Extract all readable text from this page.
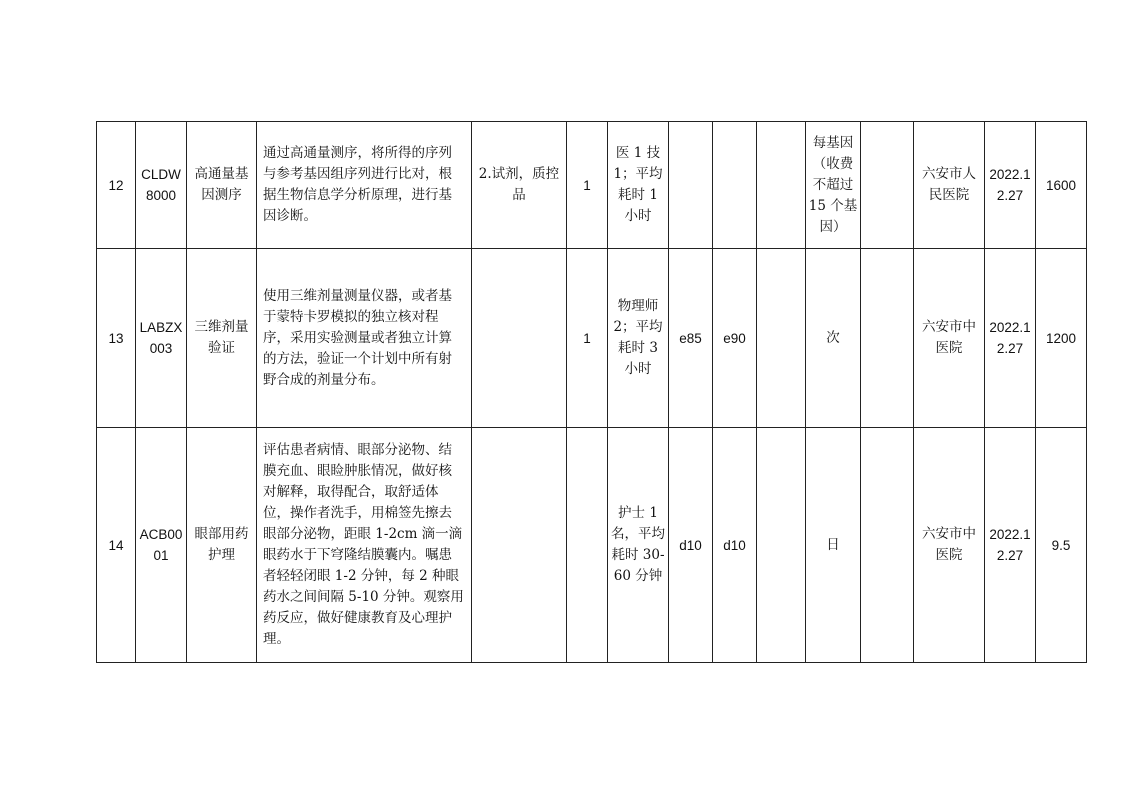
12	CLDW8000	高通量基因测序	通过高通量测序，将所得的序列与参考基因组序列进行比对，根据生物信息学分析原理，进行基因诊断。	2.试剂，质控品	1	医 1 技 1；平均耗时 1 小时				每基因（收费不超过 15 个基因）		六安市人民医院	2022.12.27	1600
13	LABZX003	三维剂量验证	使用三维剂量测量仪器，或者基于蒙特卡罗模拟的独立核对程序，采用实验测量或者独立计算的方法，验证一个计划中所有射野合成的剂量分布。		1	物理师 2；平均耗时 3 小时	e85	e90		次		六安市中医院	2022.12.27	1200
14	ACB0001	眼部用药护理	评估患者病情、眼部分泌物、结膜充血、眼睑肿胀情况，做好核对解释，取得配合，取舒适体位，操作者洗手，用棉签先擦去眼部分泌物，距眼 1-2cm 滴一滴眼药水于下穹隆结膜囊内。嘱患者轻轻闭眼 1-2 分钟，每 2 种眼药水之间间隔 5-10 分钟。观察用药反应，做好健康教育及心理护理。			护士 1 名，平均耗时 30-60 分钟	d10	d10		日		六安市中医院	2022.12.27	9.5
